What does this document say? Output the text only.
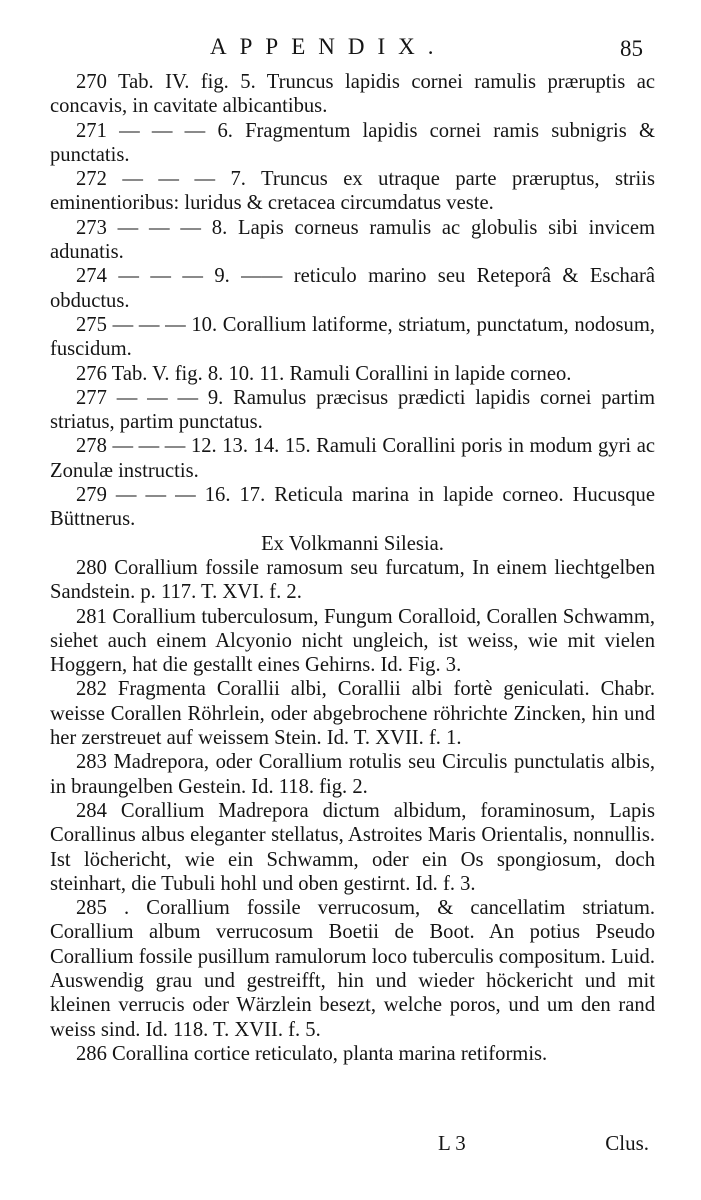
APPENDIX.	85

270 Tab. IV. fig. 5. Truncus lapidis cornei ramulis præruptis ac concavis, in cavitate albicantibus.

271 — — — 6. Fragmentum lapidis cornei ramis subnigris & punctatis.

272 — — — 7. Truncus ex utraque parte præruptus, striis eminentioribus: luridus & cretacea circumdatus veste.

273 — — — 8. Lapis corneus ramulis ac globulis sibi invicem adunatis.

274 — — — 9. —— reticulo marino seu Reteporâ & Escharâ obductus.

275 — — — 10. Corallium latiforme, striatum, punctatum, nodosum, fuscidum.

276 Tab. V. fig. 8. 10. 11. Ramuli Corallini in lapide corneo.

277 — — — 9. Ramulus præcisus prædicti lapidis cornei partim striatus, partim punctatus.

278 — — — 12. 13. 14. 15. Ramuli Corallini poris in modum gyri ac Zonulæ instructis.

279 — — — 16. 17. Reticula marina in lapide corneo. Hucusque Büttnerus.

Ex Volkmanni Silesia.

280 Corallium fossile ramosum seu furcatum, In einem liechtgelben Sandstein. p. 117. T. XVI. f. 2.

281 Corallium tuberculosum, Fungum Coralloid, Corallen Schwamm, siehet auch einem Alcyonio nicht ungleich, ist weiss, wie mit vielen Hoggern, hat die gestallt eines Gehirns. Id. Fig. 3.

282 Fragmenta Corallii albi, Corallii albi fortè geniculati. Chabr. weisse Corallen Röhrlein, oder abgebrochene röhrichte Zincken, hin und her zerstreuet auf weissem Stein. Id. T. XVII. f. 1.

283 Madrepora, oder Corallium rotulis seu Circulis punctulatis albis, in braungelben Gestein. Id. 118. fig. 2.

284 Corallium Madrepora dictum albidum, foraminosum, Lapis Corallinus albus eleganter stellatus, Astroites Maris Orientalis, nonnullis. Ist löchericht, wie ein Schwamm, oder ein Os spongiosum, doch steinhart, die Tubuli hohl und oben gestirnt. Id. f. 3.

285 . Corallium fossile verrucosum, & cancellatim striatum. Corallium album verrucosum Boetii de Boot. An potius Pseudo Corallium fossile pusillum ramulorum loco tuberculis compositum. Luid. Auswendig grau und gestreifft, hin und wieder höckericht und mit kleinen verrucis oder Wärzlein besezt, welche poros, und um den rand weiss sind. Id. 118. T. XVII. f. 5.

286 Corallina cortice reticulato, planta marina retiformis.

L 3	Clus.
